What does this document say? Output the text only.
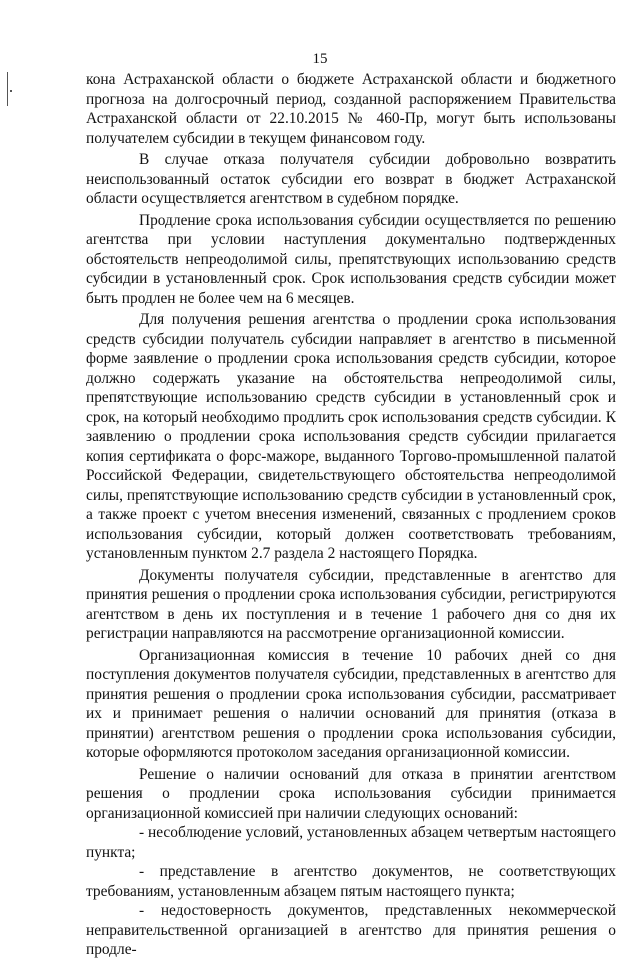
15

кона Астраханской области о бюджете Астраханской области и бюджетного прогноза на долгосрочный период, созданной распоряжением Правительства Астраханской области от 22.10.2015 № 460-Пр, могут быть использованы получателем субсидии в текущем финансовом году.

В случае отказа получателя субсидии добровольно возвратить неиспользованный остаток субсидии его возврат в бюджет Астраханской области осуществляется агентством в судебном порядке.

Продление срока использования субсидии осуществляется по решению агентства при условии наступления документально подтвержденных обстоятельств непреодолимой силы, препятствующих использованию средств субсидии в установленный срок. Срок использования средств субсидии может быть продлен не более чем на 6 месяцев.

Для получения решения агентства о продлении срока использования средств субсидии получатель субсидии направляет в агентство в письменной форме заявление о продлении срока использования средств субсидии, которое должно содержать указание на обстоятельства непреодолимой силы, препятствующие использованию средств субсидии в установленный срок и срок, на который необходимо продлить срок использования средств субсидии. К заявлению о продлении срока использования средств субсидии прилагается копия сертификата о форс-мажоре, выданного Торгово-промышленной палатой Российской Федерации, свидетельствующего обстоятельства непреодолимой силы, препятствующие использованию средств субсидии в установленный срок, а также проект с учетом внесения изменений, связанных с продлением сроков использования субсидии, который должен соответствовать требованиям, установленным пунктом 2.7 раздела 2 настоящего Порядка.

Документы получателя субсидии, представленные в агентство для принятия решения о продлении срока использования субсидии, регистрируются агентством в день их поступления и в течение 1 рабочего дня со дня их регистрации направляются на рассмотрение организационной комиссии.

Организационная комиссия в течение 10 рабочих дней со дня поступления документов получателя субсидии, представленных в агентство для принятия решения о продлении срока использования субсидии, рассматривает их и принимает решения о наличии оснований для принятия (отказа в принятии) агентством решения о продлении срока использования субсидии, которые оформляются протоколом заседания организационной комиссии.

Решение о наличии оснований для отказа в принятии агентством решения о продлении срока использования субсидии принимается организационной комиссией при наличии следующих оснований:

- несоблюдение условий, установленных абзацем четвертым настоящего пункта;

- представление в агентство документов, не соответствующих требованиям, установленным абзацем пятым настоящего пункта;

- недостоверность документов, представленных некоммерческой неправительственной организацией в агентство для принятия решения о продле-
